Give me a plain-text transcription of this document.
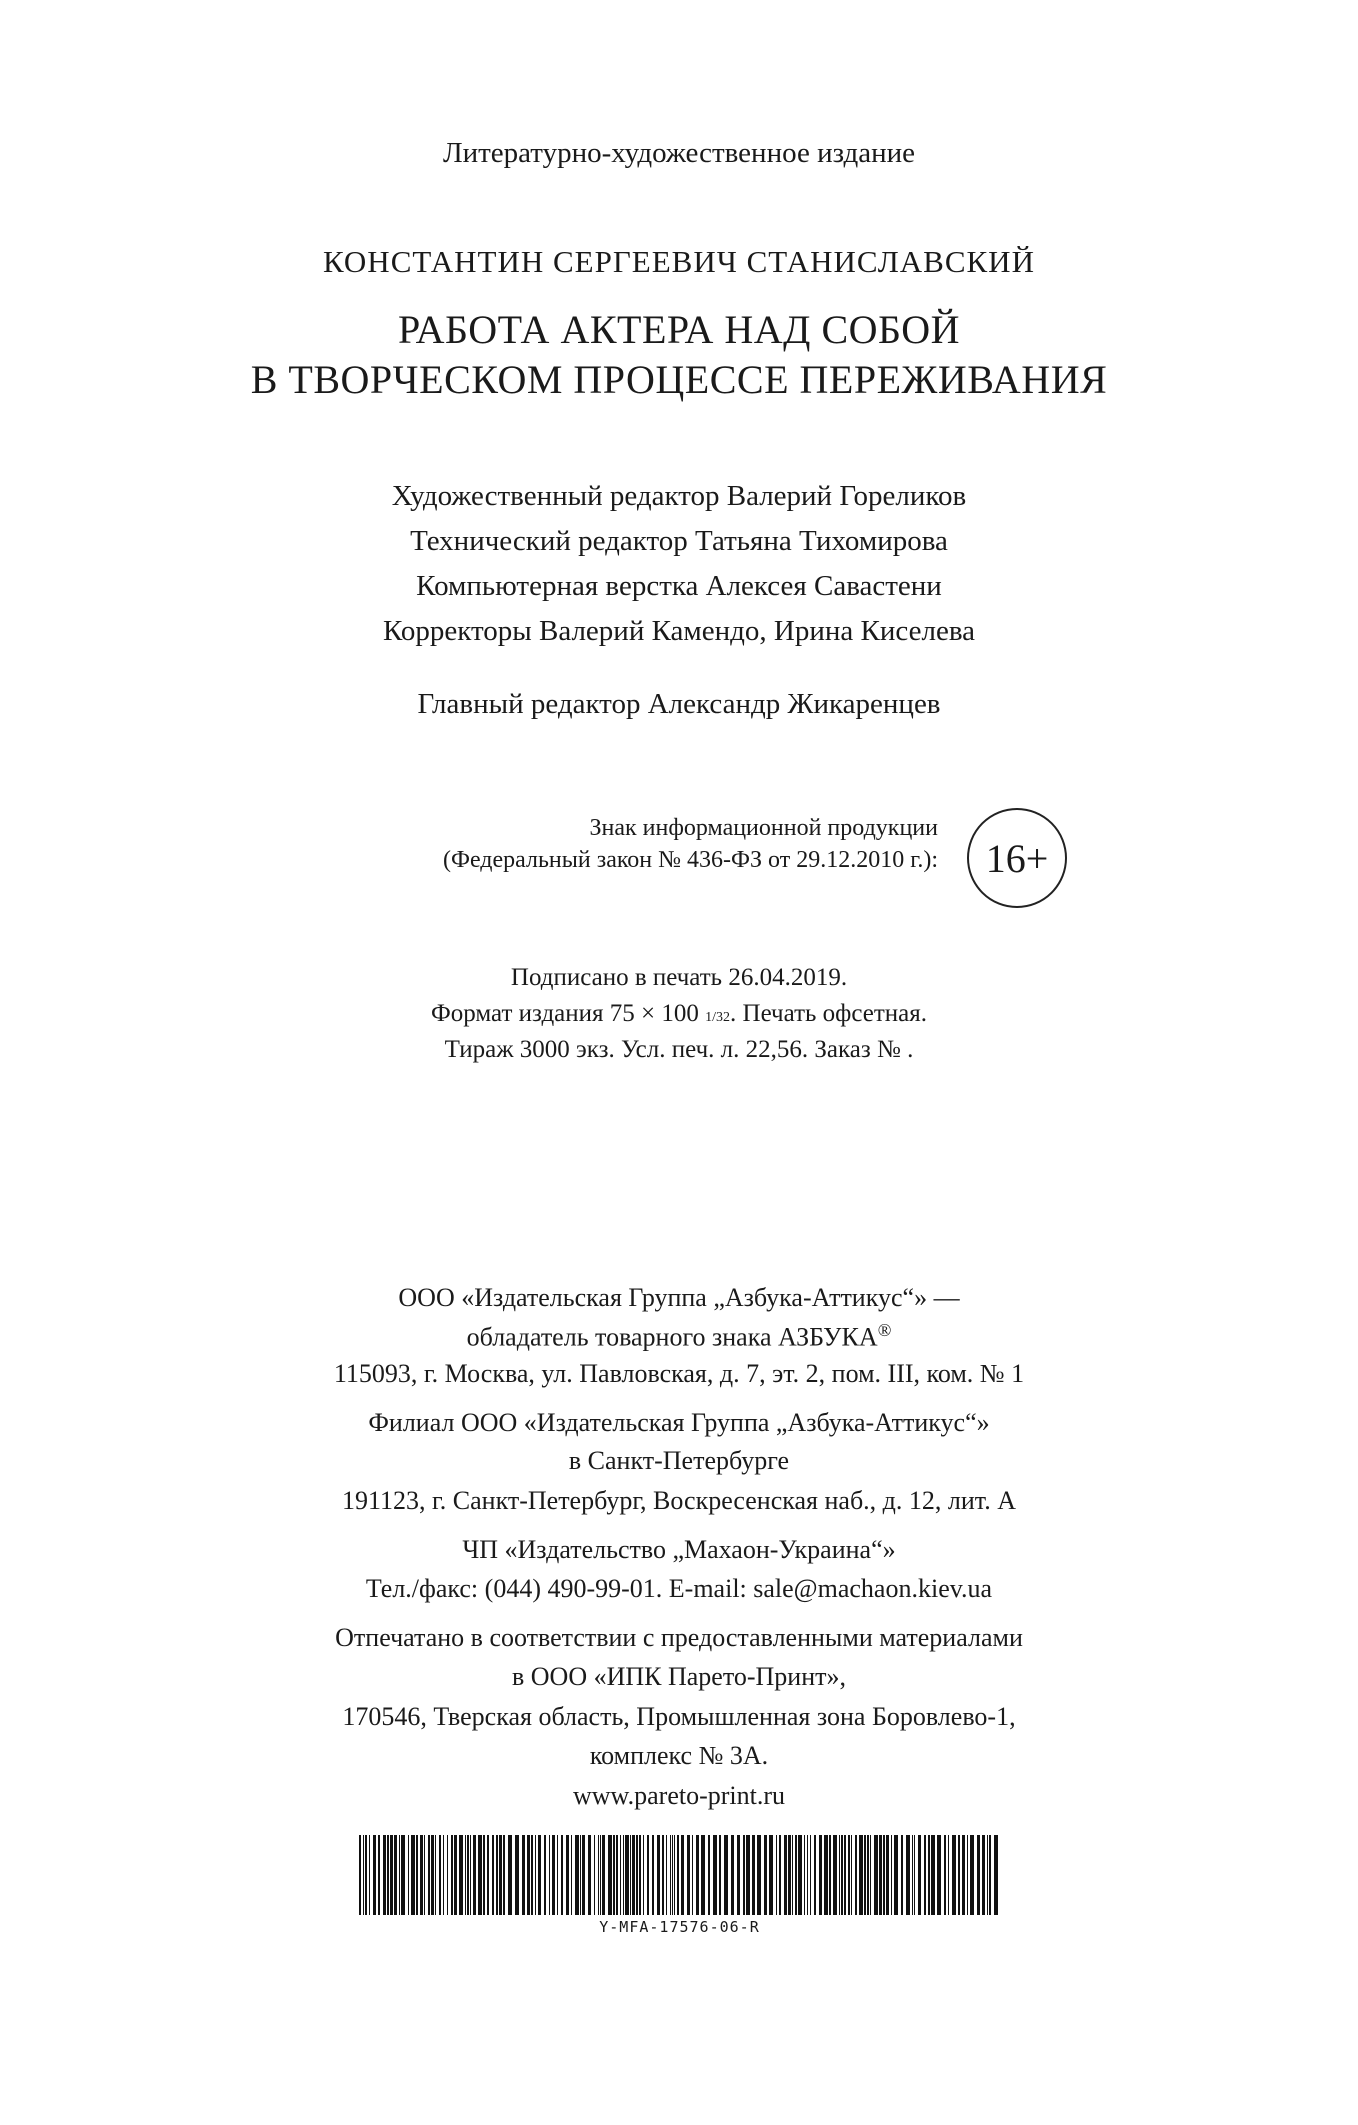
Литературно-художественное издание
КОНСТАНТИН СЕРГЕЕВИЧ СТАНИСЛАВСКИЙ
РАБОТА АКТЕРА НАД СОБОЙ
В ТВОРЧЕСКОМ ПРОЦЕССЕ ПЕРЕЖИВАНИЯ
Художественный редактор Валерий Гореликов
Технический редактор Татьяна Тихомирова
Компьютерная верстка Алексея Савастени
Корректоры Валерий Камендо, Ирина Киселева
Главный редактор Александр Жикаренцев
Знак информационной продукции
(Федеральный закон № 436-ФЗ от 29.12.2010 г.):	16+
Подписано в печать 26.04.2019.
Формат издания 75 × 100 1/32. Печать офсетная.
Тираж 3000 экз. Усл. печ. л. 22,56. Заказ № .
ООО «Издательская Группа „Азбука-Аттикус“» —
обладатель товарного знака АЗБУКА®
115093, г. Москва, ул. Павловская, д. 7, эт. 2, пом. III, ком. № 1
Филиал ООО «Издательская Группа „Азбука-Аттикус“»
в Санкт-Петербурге
191123, г. Санкт-Петербург, Воскресенская наб., д. 12, лит. А
ЧП «Издательство „Махаон-Украина“»
Тел./факс: (044) 490-99-01. E-mail: sale@machaon.kiev.ua
Отпечатано в соответствии с предоставленными материалами
в ООО «ИПК Парето-Принт»,
170546, Тверская область, Промышленная зона Боровлево-1,
комплекс № 3А.
www.pareto-print.ru
Y-MFA-17576-06-R
